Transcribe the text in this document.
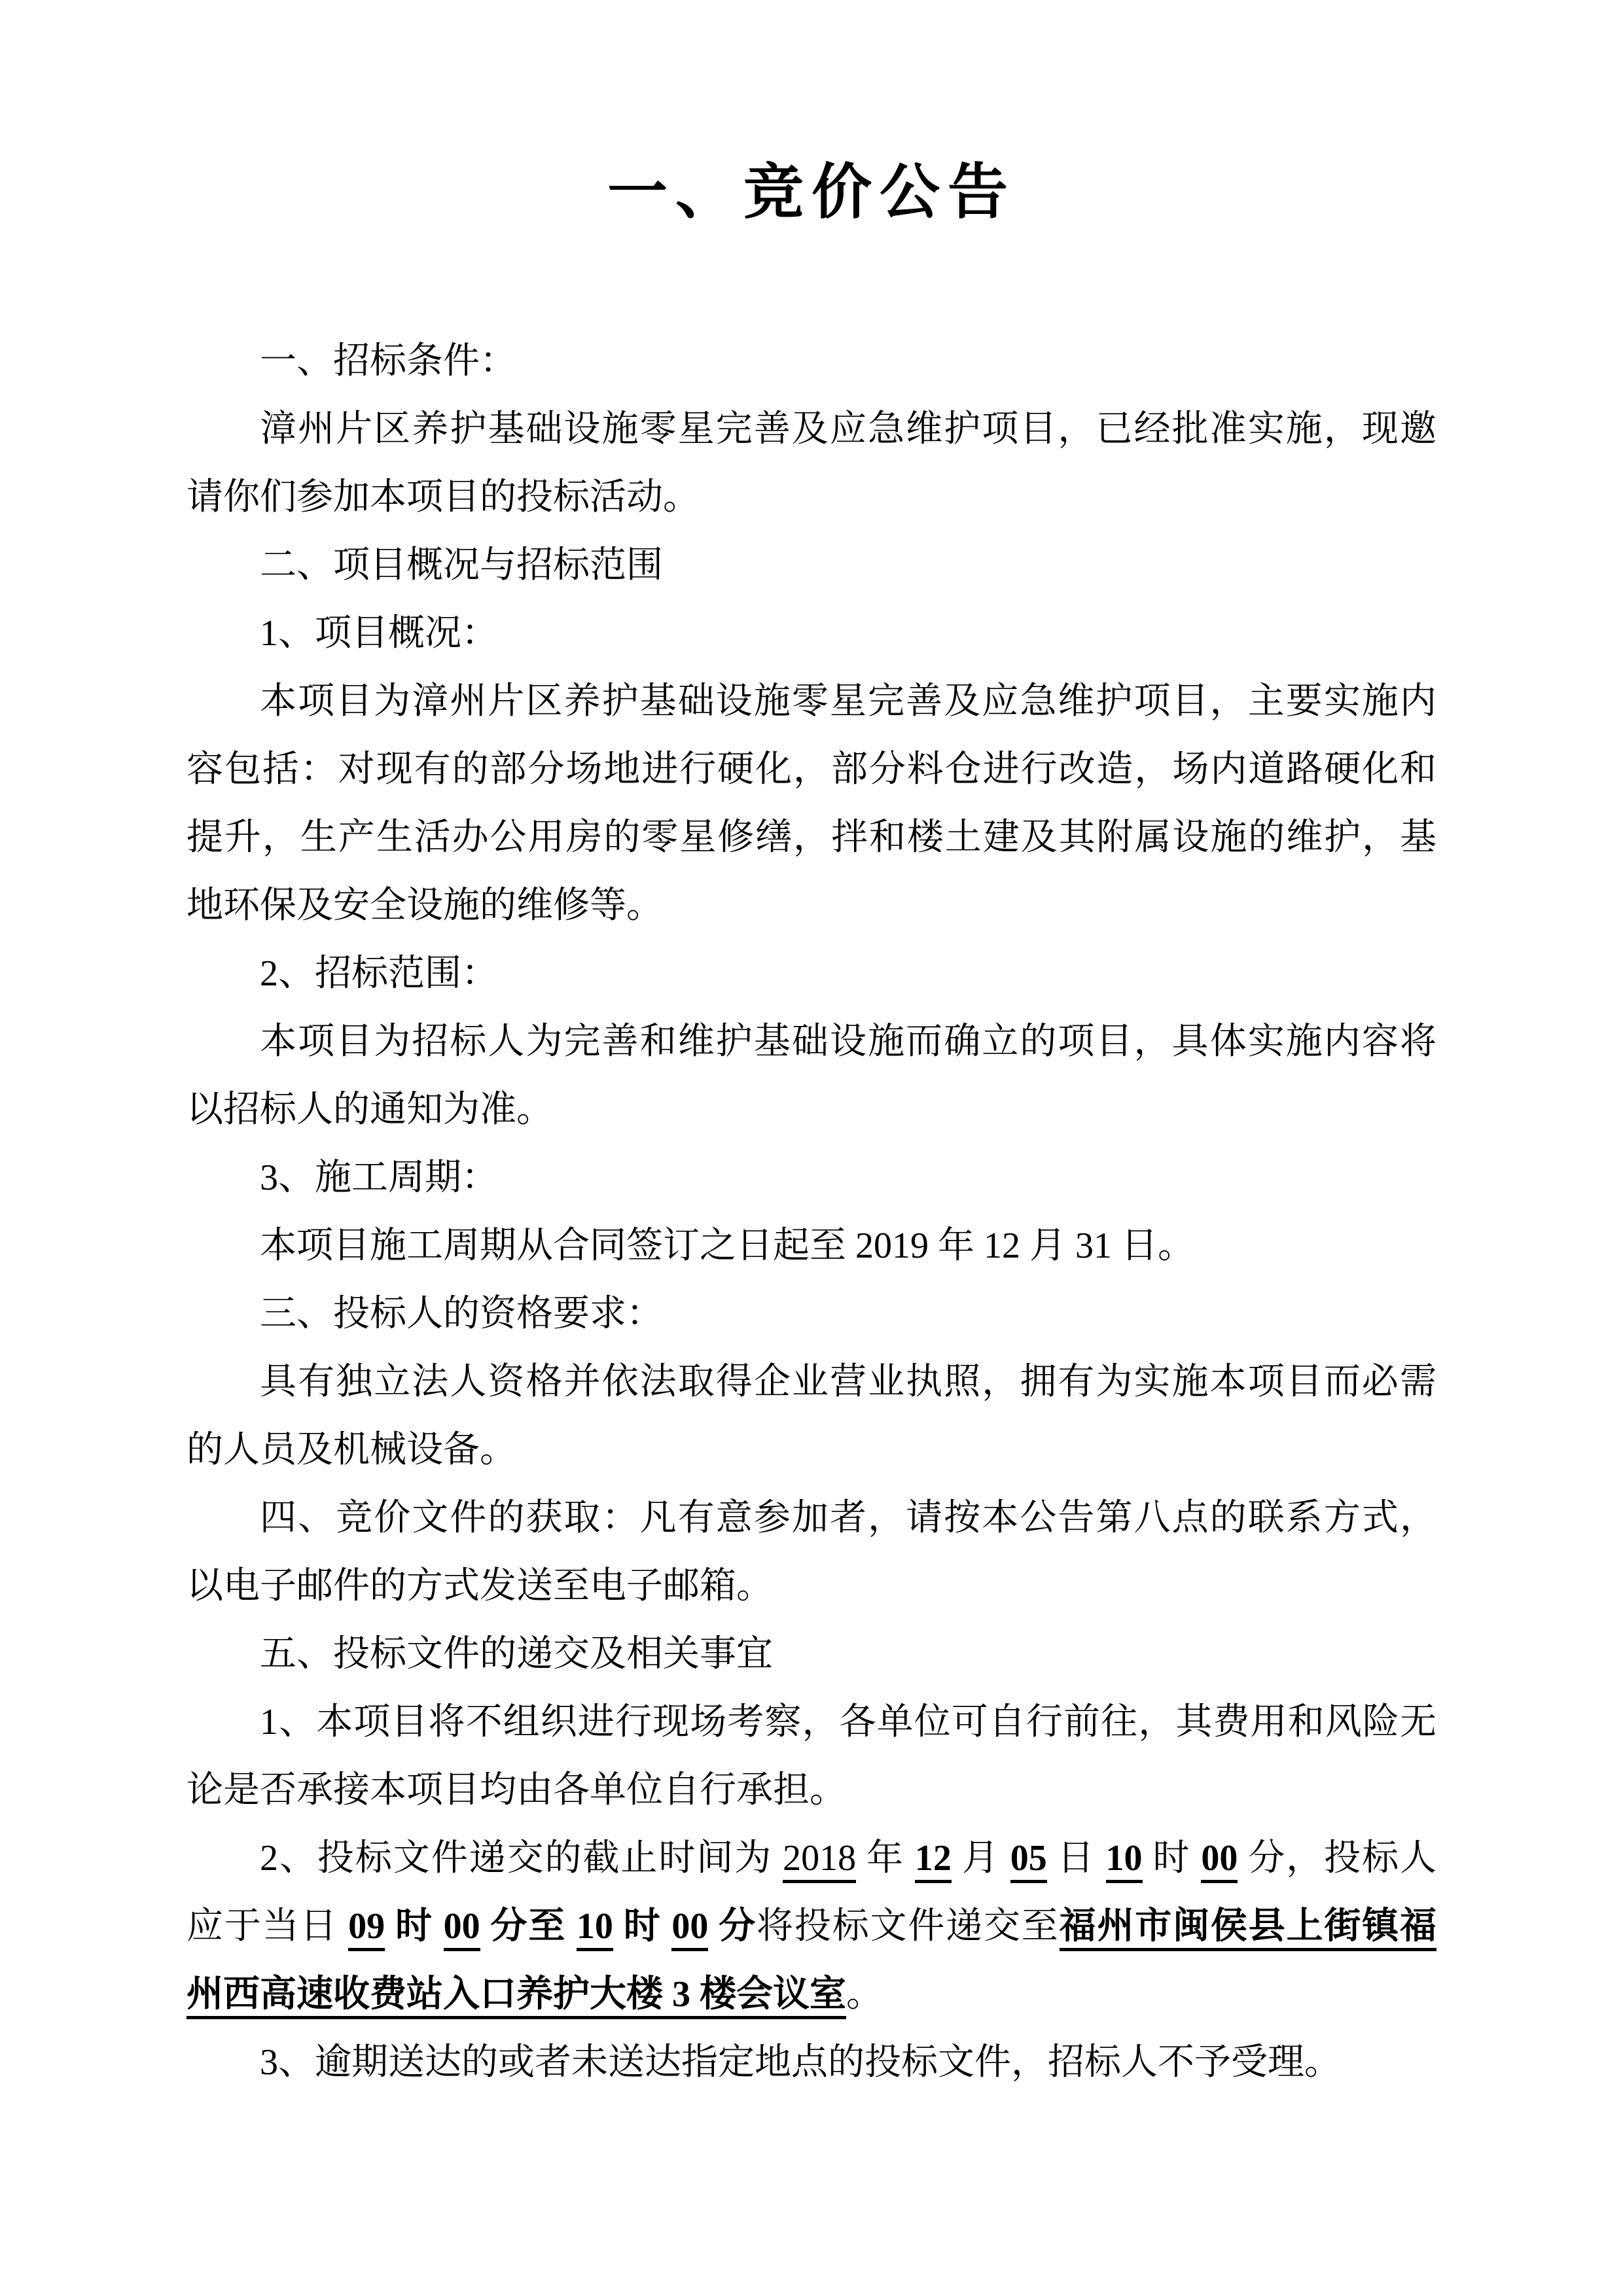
一、竞价公告
一、招标条件：
漳州片区养护基础设施零星完善及应急维护项目，已经批准实施，现邀
请你们参加本项目的投标活动。
二、项目概况与招标范围
1、项目概况：
本项目为漳州片区养护基础设施零星完善及应急维护项目，主要实施内
容包括：对现有的部分场地进行硬化，部分料仓进行改造，场内道路硬化和
提升，生产生活办公用房的零星修缮，拌和楼土建及其附属设施的维护，基
地环保及安全设施的维修等。
2、招标范围：
本项目为招标人为完善和维护基础设施而确立的项目，具体实施内容将
以招标人的通知为准。
3、施工周期：
本项目施工周期从合同签订之日起至 2019 年 12 月 31 日。
三、投标人的资格要求：
具有独立法人资格并依法取得企业营业执照，拥有为实施本项目而必需
的人员及机械设备。
四、竞价文件的获取：凡有意参加者，请按本公告第八点的联系方式，
以电子邮件的方式发送至电子邮箱。
五、投标文件的递交及相关事宜
1、本项目将不组织进行现场考察，各单位可自行前往，其费用和风险无
论是否承接本项目均由各单位自行承担。
2、投标文件递交的截止时间为 2018 年 12 月 05 日 10 时 00 分，投标人
应于当日 09 时 00 分至 10 时 00 分将投标文件递交至福州市闽侯县上街镇福
州西高速收费站入口养护大楼 3 楼会议室。
3、逾期送达的或者未送达指定地点的投标文件，招标人不予受理。
